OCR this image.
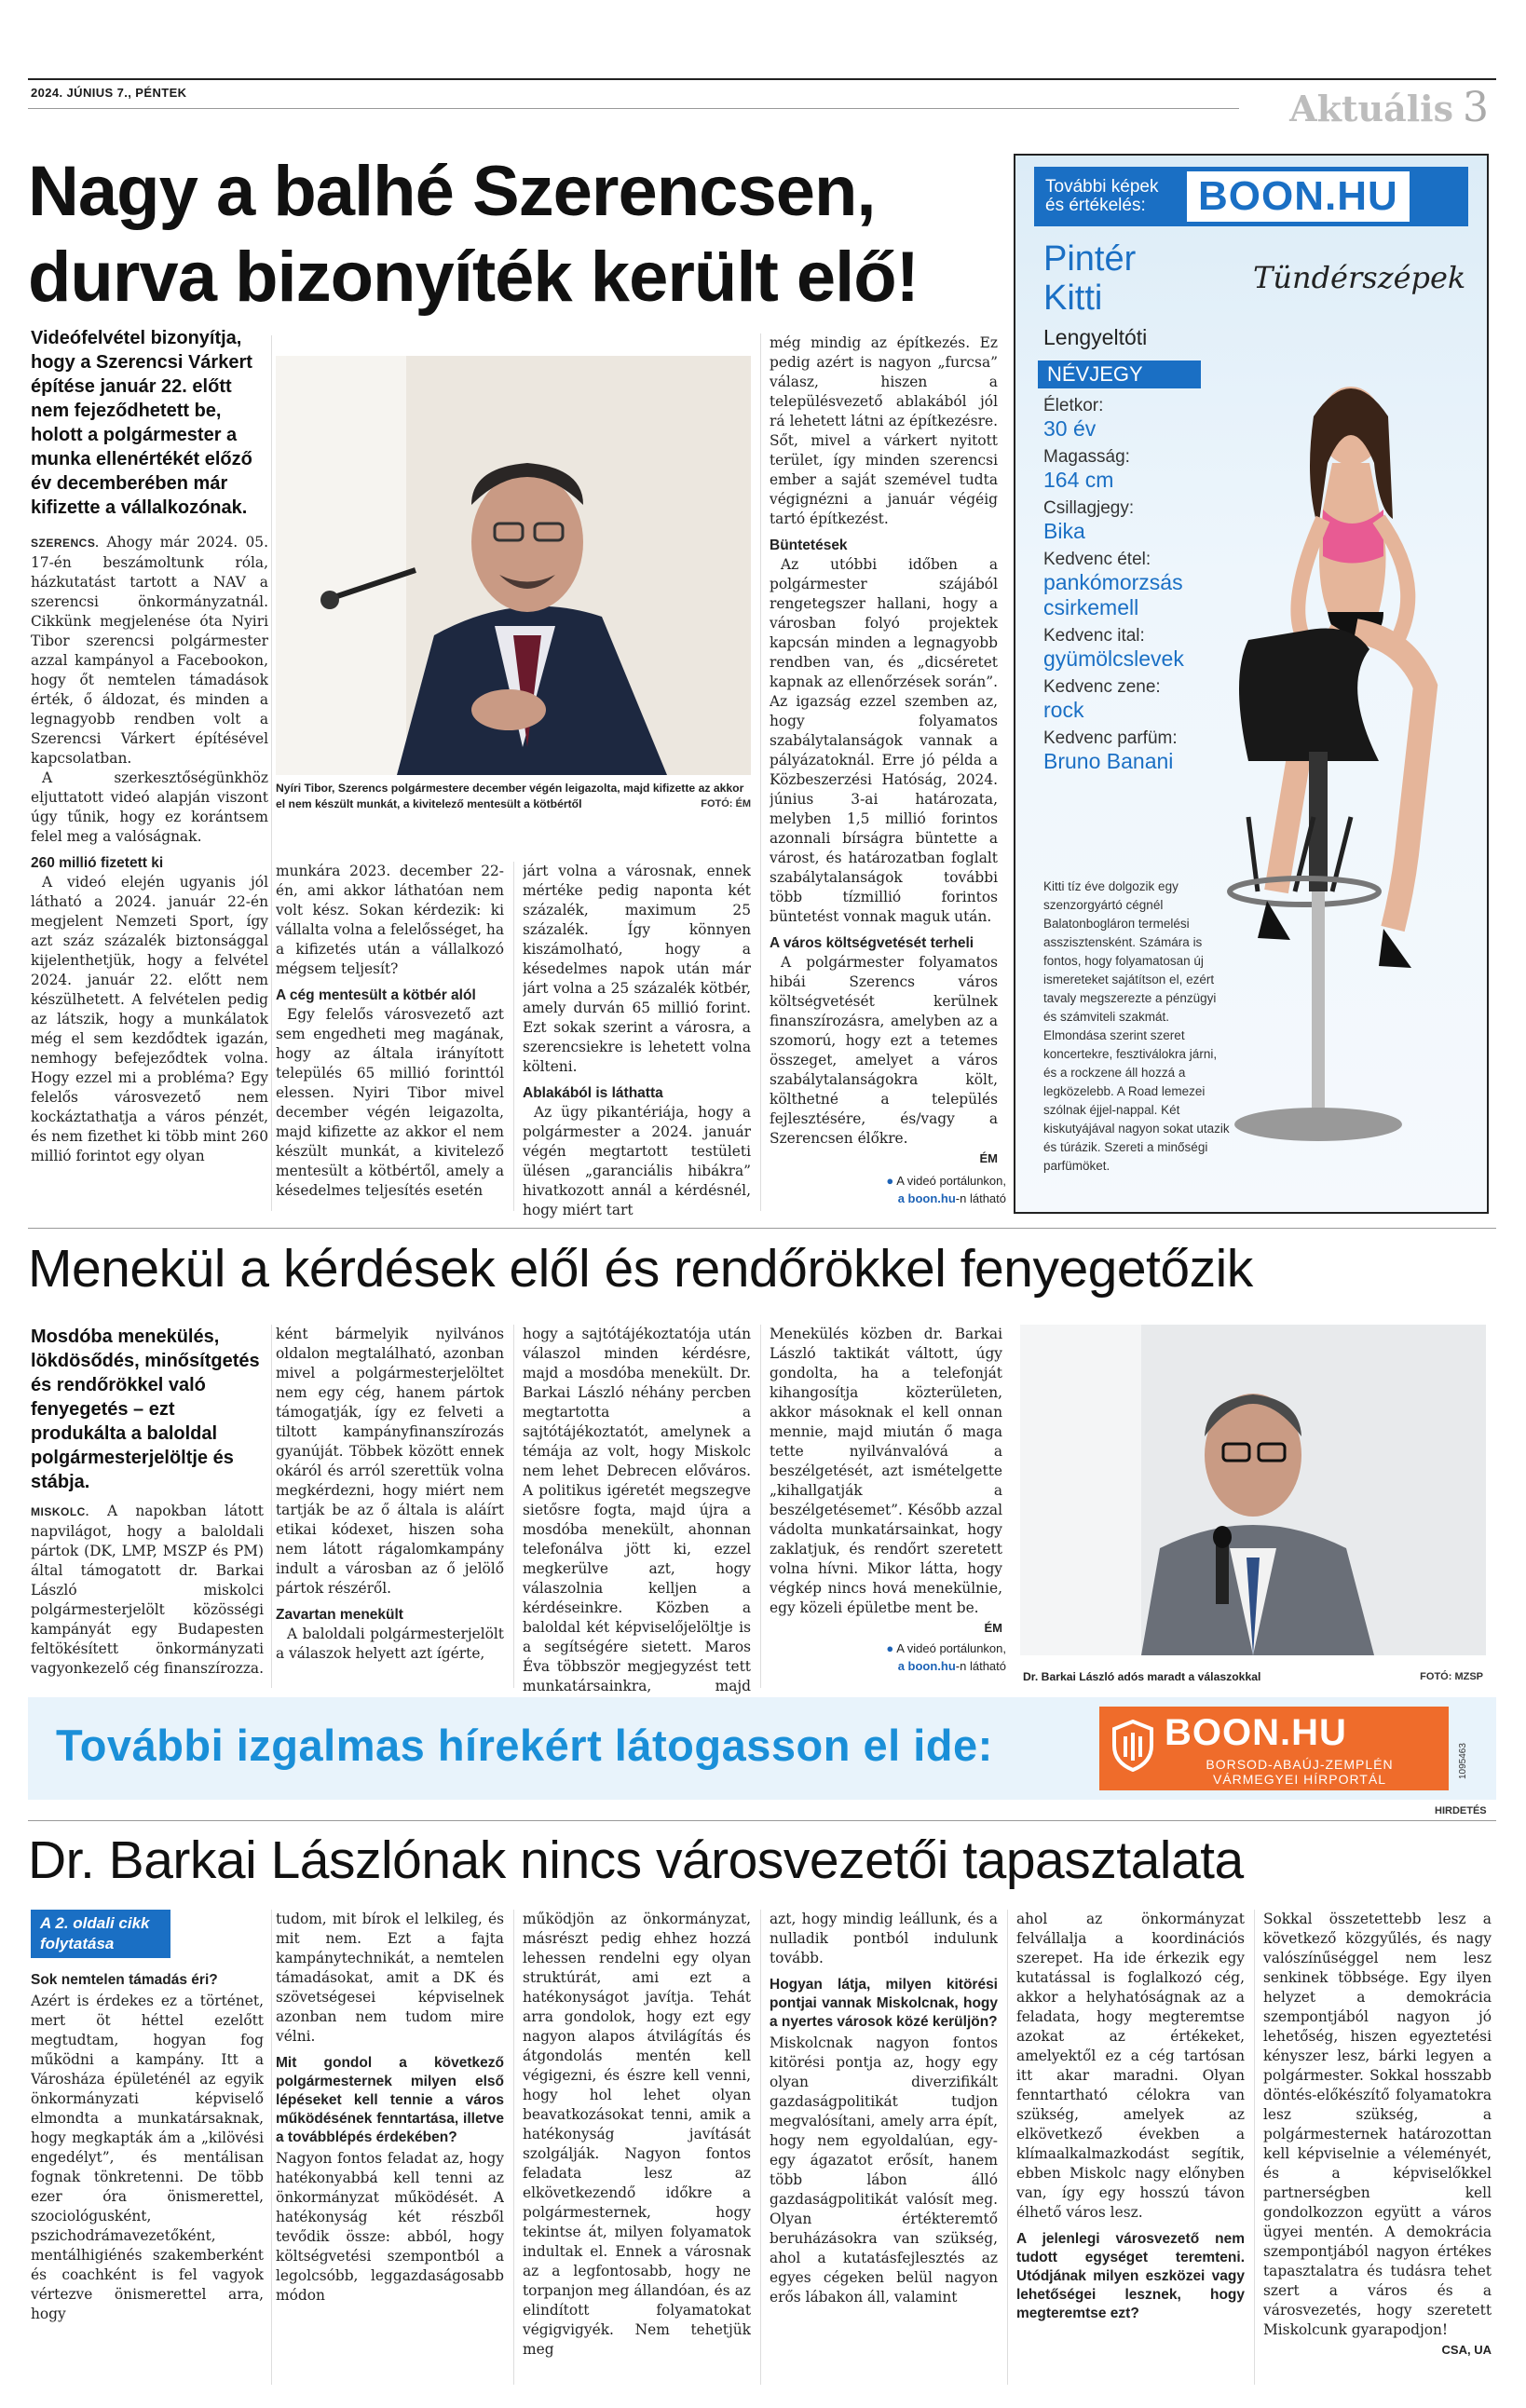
2024. JÚNIUS 7., PÉNTEK	Aktuális 3
Nagy a balhé Szerencsen,
durva bizonyíték került elő!
Videófelvétel bizonyítja, hogy a Szerencsi Várkert építése január 22. előtt nem fejeződhetett be, holott a polgármester a munka ellenértékét előző év decemberében már kifizette a vállalkozónak.

SZERENCS. Ahogy már 2024. 05. 17-én beszámoltunk róla, házkutatást tartott a NAV a szerencsi önkormányzatnál. Cikkünk megjelenése óta Nyiri Tibor szerencsi polgármester azzal kampányol a Facebookon, hogy őt nemtelen támadások érték, ő áldozat, és minden a legnagyobb rendben volt a Szerencsi Várkert építésével kapcsolatban.

A szerkesztőségünkhöz eljuttatott videó alapján viszont úgy tűnik, hogy ez korántsem felel meg a valóságnak.

260 millió fizetett ki

A videó elején ugyanis jól látható a 2024. január 22-én megjelent Nemzeti Sport, így azt száz százalék biztonsággal kijelenthetjük, hogy a felvétel 2024. január 22. előtt nem készülhetett. A felvételen pedig az látszik, hogy a munkálatok még el sem kezdődtek igazán, nemhogy befejeződtek volna. Hogy ezzel mi a probléma? Egy felelős városvezető nem kockáztathatja a város pénzét, és nem fizethet ki több mint 260 millió forintot egy olyan

Nyíri Tibor, Szerencs polgármestere december végén leigazolta, majd kifizette az akkor el nem készült munkát, a kivitelező mentesült a kötbértől	FOTÓ: ÉM

munkára 2023. december 22-én, ami akkor láthatóan nem volt kész. Sokan kérdezik: ki vállalta volna a felelősséget, ha a kifizetés után a vállalkozó mégsem teljesít?

A cég mentesült a kötbér alól

Egy felelős városvezető azt sem engedheti meg magának, hogy az általa irányított település 65 millió forinttól elessen. Nyiri Tibor mivel december végén leigazolta, majd kifizette az akkor el nem készült munkát, a kivitelező mentesült a kötbértől, amely a késedelmes teljesítés esetén

járt volna a városnak, ennek mértéke pedig naponta két százalék, maximum 25 százalék. Így könnyen kiszámolható, hogy a késedelmes napok után már járt volna a 25 százalék kötbér, amely durván 65 millió forint. Ezt sokak szerint a városra, a szerencsiekre is lehetett volna költeni.

Ablakából is láthatta

Az ügy pikantériája, hogy a polgármester a 2024. január végén megtartott testületi ülésen „garanciális hibákra” hivatkozott annál a kérdésnél, hogy miért tart

még mindig az építkezés. Ez pedig azért is nagyon „furcsa” válasz, hiszen a településvezető ablakából jól rá lehetett látni az építkezésre. Sőt, mivel a várkert nyitott terület, így minden szerencsi ember a saját szemével tudta végignézni a január végéig tartó építkezést.

Büntetések

Az utóbbi időben a polgármester szájából rengetegszer hallani, hogy a városban folyó projektek kapcsán minden a legnagyobb rendben van, és „dicséretet kapnak az ellenőrzések során”. Az igazság ezzel szemben az, hogy folyamatos szabálytalanságok vannak a pályázatoknál. Erre jó példa a Közbeszerzési Hatóság, 2024. június 3-ai határozata, melyben 1,5 millió forintos azonnali bírságra büntette a várost, és határozatban foglalt szabálytalanságok további több tízmillió forintos büntetést vonnak maguk után.

A város költségvetését terheli

A polgármester folyamatos hibái Szerencs város költségvetését kerülnek finanszírozásra, amelyben az a szomorú, hogy ezt a tetemes összeget, amelyet a város szabálytalanságokra költ, költhetné a település fejlesztésére, és/vagy a Szerencsen élőkre.

ÉM
● A videó portálunkon,
a boon.hu-n látható
További képek
és értékelés:	BOON.HU
Pintér
Kitti
Tündérszépek
Lengyeltóti
NÉVJEGY
Életkor:
30 év
Magasság:
164 cm
Csillagjegy:
Bika
Kedvenc étel:
pankómorzsás csirkemell
Kedvenc ital:
gyümölcslevek
Kedvenc zene:
rock
Kedvenc parfüm:
Bruno Banani
Kitti tíz éve dolgozik egy szenzorgyártó cégnél Balatonboglároп termelési asszisztensként. Számára is fontos, hogy folyamatosan új ismereteket sajátítson el, ezért tavaly megszerezte a pénzügyi és számviteli szakmát. Elmondása szerint szeret koncertekre, fesztiválokra járni, és a rockzene áll hozzá a legközelebb. A Road lemezei szólnak éjjel-nappal. Két kiskutyájával nagyon sokat utazik és túrázik. Szereti a minőségi parfümöket.
Menekül a kérdések elől és rendőrökkel fenyegetőzik
Mosdóba menekülés, lökdösődés, minősítgetés és rendőrökkel való fenyegetés – ezt produkálta a baloldal polgármesterjelöltje és stábja.

MISKOLC. A napokban látott napvilágot, hogy a baloldali pártok (DK, LMP, MSZP és PM) által támogatott dr. Barkai László miskolci polgármesterjelölt közösségi kampányát egy Budapesten feltökésített önkormányzati vagyonkezelő cég finanszírozza.

ként bármelyik nyilvános oldalon megtalálható, azonban mivel a polgármesterjelöltet nem egy cég, hanem pártok támogatják, így ez felveti a tiltott kampányfinanszírozás gyanúját. Többek között ennek okáról és arról szerettük volna megkérdezni, hogy miért nem tartják be az ő általa is aláírt etikai kódexet, hiszen soha nem látott rágalomkampány indult a városban az ő jelölő pártok részéről.

Zavartan menekült

A baloldali polgármesterjelölt a válaszok helyett azt ígérte,

hogy a sajtótájékoztatója után válaszol minden kérdésre, majd a mosdóba menekült. Dr. Barkai László néhány percben megtartotta a sajtótájékoztatót, amelynek a témája az volt, hogy Miskolc nem lehet Debrecen előváros. A politikus igéretét megszegve sietősre fogta, majd újra a mosdóba menekült, ahonnan telefonálva jött ki, ezzel megkerülve azt, hogy válaszolnia kelljen a kérdéseinkre. Közben a baloldal két képviselőjelöltje is a segítségére sietett. Maros Éva többször megjegyzést tett munkatársainkra, majd

Menekülés közben dr. Barkai László taktikát váltott, úgy gondolta, ha a telefonját kihangosítja közterületen, akkor másoknak el kell onnan mennie, majd miután ő maga tette nyilvánvalóvá a beszélgetését, azt ismételgette „kihallgatják a beszélgetésemet”. Később azzal vádolta munkatársainkat, hogy zaklatjuk, és rendőrt szeretett volna hívni. Mikor látta, hogy végkép nincs hová menekülnie, egy közeli épületbe ment be.

ÉM
● A videó portálunkon,
a boon.hu-n látható
Dr. Barkai László adós maradt a válaszokkal	FOTÓ: MZSP
További izgalmas hírekért látogasson el ide:	BOON.HU
BORSOD-ABAÚJ-ZEMPLÉN
VÁRMEGYEI HÍRPORTÁL	1095463
HIRDETÉS
Dr. Barkai Lászlónak nincs városvezetői tapasztalata
A 2. oldali cikk folytatása
Sok nemtelen támadás éri?

Azért is érdekes ez a történet, mert öt héttel ezelőtt megtudtam, hogyan fog működni a kampány. Itt a Városháza épületénél az egyik önkormányzati képviselő elmondta a munkatársaknak, hogy megkapták ám a „kilövési engedélyt”, és mentálisan fognak tönkretenni. De több ezer óra önismerettel, szociológusként, pszichodrámavezetőként, mentálhigiénés szakemberként és coachként is fel vagyok vértezve önismerettel arra, hogy

tudom, mit bírok el lelkileg, és mit nem. Ezt a fajta kampánytechnikát, a nemtelen támadásokat, amit a DK és szövetségesei képviselnek azonban nem tudom mire vélni.

Mit gondol a következő polgármesternek milyen első lépéseket kell tennie a város működésének fenntartása, illetve a továbblépés érdekében?

Nagyon fontos feladat az, hogy hatékonyabbá kell tenni az önkormányzat működését. A hatékonyság két részből tevődik össze: abból, hogy költségvetési szempontból a legolcsóbb, leggazdaságosabb módon

működjön az önkormányzat, másrészt pedig ehhez hozzá lehessen rendelni egy olyan struktúrát, ami ezt a hatékonyságot javítja. Tehát arra gondolok, hogy ezt egy nagyon alapos átvilágítás és átgondolás mentén kell végigezni, és észre kell venni, hogy hol lehet olyan beavatkozásokat tenni, amik a hatékonyság javítását szolgálják. Nagyon fontos feladata lesz az elkövetkezendő időkre a polgármesternek, hogy tekintse át, milyen folyamatok indultak el. Ennek a városnak az a legfontosabb, hogy ne torpanjon meg állandóan, és az elindított folyamatokat végigvigyék. Nem tehetjük meg

azt, hogy mindig leállunk, és a nulladik pontból indulunk tovább.

Hogyan látja, milyen kitörési pontjai vannak Miskolcnak, hogy a nyertes városok közé kerüljön?

Miskolcnak nagyon fontos kitörési pontja az, hogy egy olyan diverzifikált gazdaságpolitikát tudjon megvalósítani, amely arra épít, hogy nem egyoldalúan, egy-egy ágazatot erősít, hanem több lábon álló gazdaságpolitikát valósít meg. Olyan értékteremtő beruházásokra van szükség, ahol a kutatásfejlesztés az egyes cégeken belül nagyon erős lábakon áll, valamint

ahol az önkormányzat felvállalja a koordinációs szerepet. Ha ide érkezik egy kutatással is foglalkozó cég, akkor a helyhatóságnak az a feladata, hogy megteremtse azokat az értékeket, amelyektől ez a cég tartósan itt akar maradni. Olyan fenntartható célokra van szükség, amelyek az elkövetkező években a klímaalkalmazkodást segítik, ebben Miskolc nagy előnyben van, így egy hosszú távon élhető város lesz.

A jelenlegi városvezető nem tudott egységet teremteni. Utódjának milyen eszközei vagy lehetőségei lesznek, hogy megteremtse ezt?

Sokkal összetettebb lesz a következő közgyűlés, és nagy valószínűséggel nem lesz senkinek többsége. Egy ilyen helyzet a demokrácia szempontjából nagyon jó lehetőség, hiszen egyeztetési kényszer lesz, bárki legyen a polgármester. Sokkal hosszabb döntés-előkészítő folyamatokra lesz szükség, a polgármesternek határozottan kell képviselnie a véleményét, és a képviselőkkel partnerségben kell gondolkozzon együtt a város ügyei mentén. A demokrácia szempontjából nagyon értékes tapasztalatra és tudásra tehet szert a város és a városvezetés, hogy szeretett Miskolcunk gyarapodjon!

CSA, UA
